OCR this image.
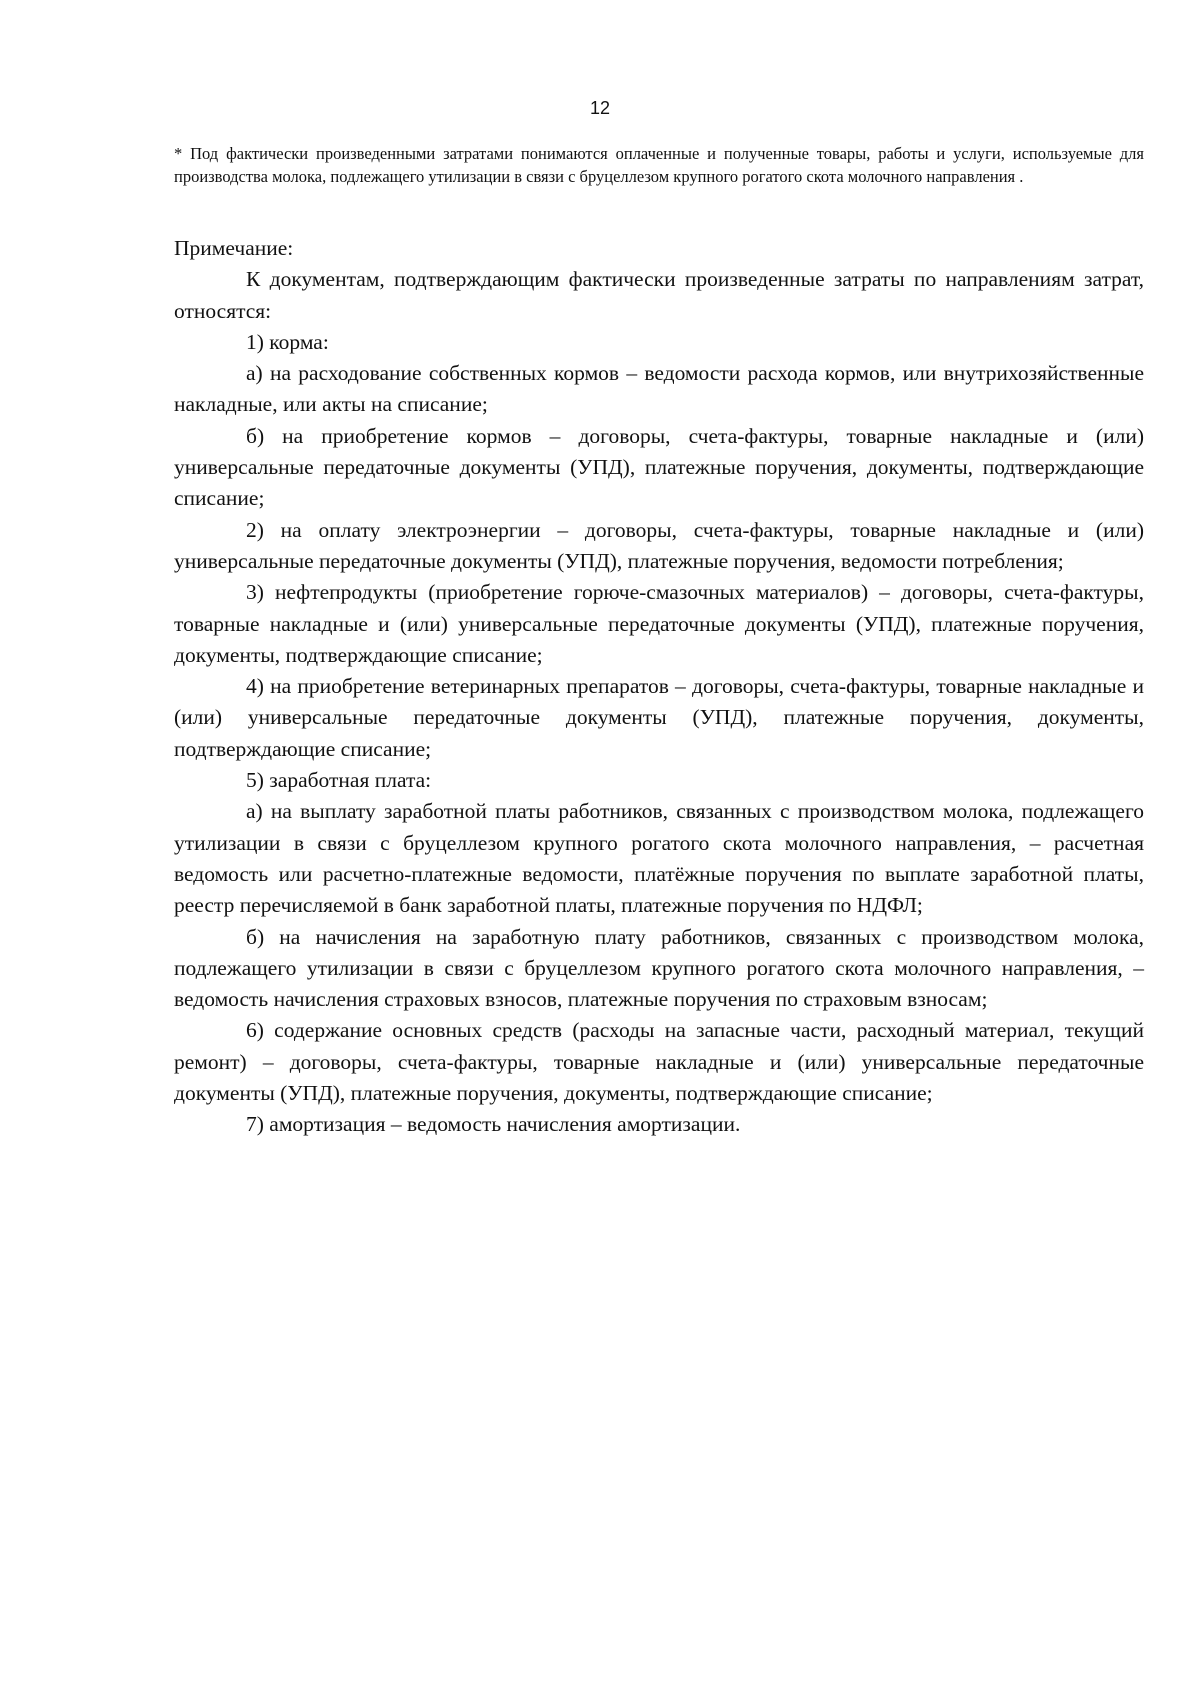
12
* Под фактически произведенными затратами понимаются оплаченные и полученные товары, работы и услуги, используемые для производства молока, подлежащего утилизации в связи с бруцеллезом крупного рогатого скота молочного направления .

Примечание:

К документам, подтверждающим фактически произведенные затраты по направлениям затрат, относятся:

1) корма:

а) на расходование собственных кормов – ведомости расхода кормов, или внутрихозяйственные накладные, или акты на списание;

б) на приобретение кормов – договоры, счета-фактуры, товарные накладные и (или) универсальные передаточные документы (УПД), платежные поручения, документы, подтверждающие списание;

2) на оплату электроэнергии – договоры, счета-фактуры, товарные накладные и (или) универсальные передаточные документы (УПД), платежные поручения, ведомости потребления;

3) нефтепродукты (приобретение горюче-смазочных материалов) – договоры, счета-фактуры, товарные накладные и (или) универсальные передаточные документы (УПД), платежные поручения, документы, подтверждающие списание;

4) на приобретение ветеринарных препаратов – договоры, счета-фактуры, товарные накладные и (или) универсальные передаточные документы (УПД), платежные поручения, документы, подтверждающие списание;

5) заработная плата:

а) на выплату заработной платы работников, связанных с производством молока, подлежащего утилизации в связи с бруцеллезом крупного рогатого скота молочного направления, – расчетная ведомость или расчетно-платежные ведомости, платёжные поручения по выплате заработной платы, реестр перечисляемой в банк заработной платы, платежные поручения по НДФЛ;

б) на начисления на заработную плату работников, связанных с производством молока, подлежащего утилизации в связи с бруцеллезом крупного рогатого скота молочного направления, – ведомость начисления страховых взносов, платежные поручения по страховым взносам;

6) содержание основных средств (расходы на запасные части, расходный материал, текущий ремонт) – договоры, счета-фактуры, товарные накладные и (или) универсальные передаточные документы (УПД), платежные поручения, документы, подтверждающие списание;

7) амортизация – ведомость начисления амортизации.
